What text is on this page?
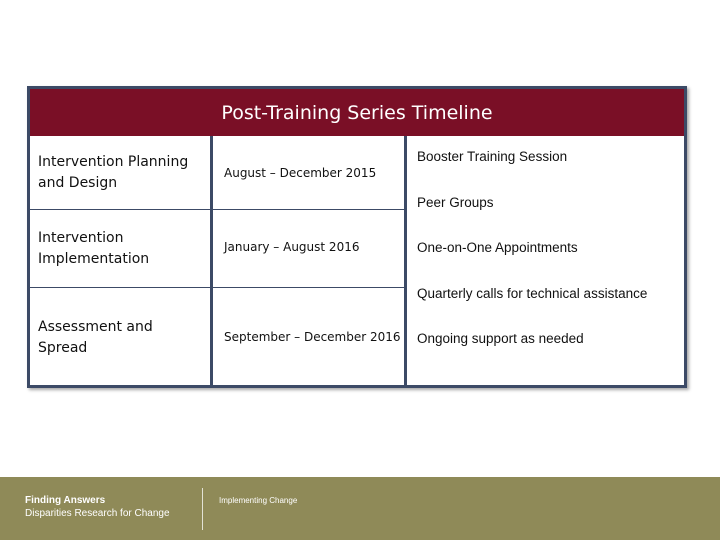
Post-Training Series Timeline
Intervention Planning
and Design
August – December 2015
Intervention
Implementation
January – August 2016
Assessment and
Spread
September – December 2016
Booster Training Session
Peer Groups
One-on-One Appointments
Quarterly calls for technical assistance
Ongoing support as needed
Finding Answers
Disparities Research for Change
Implementing Change
